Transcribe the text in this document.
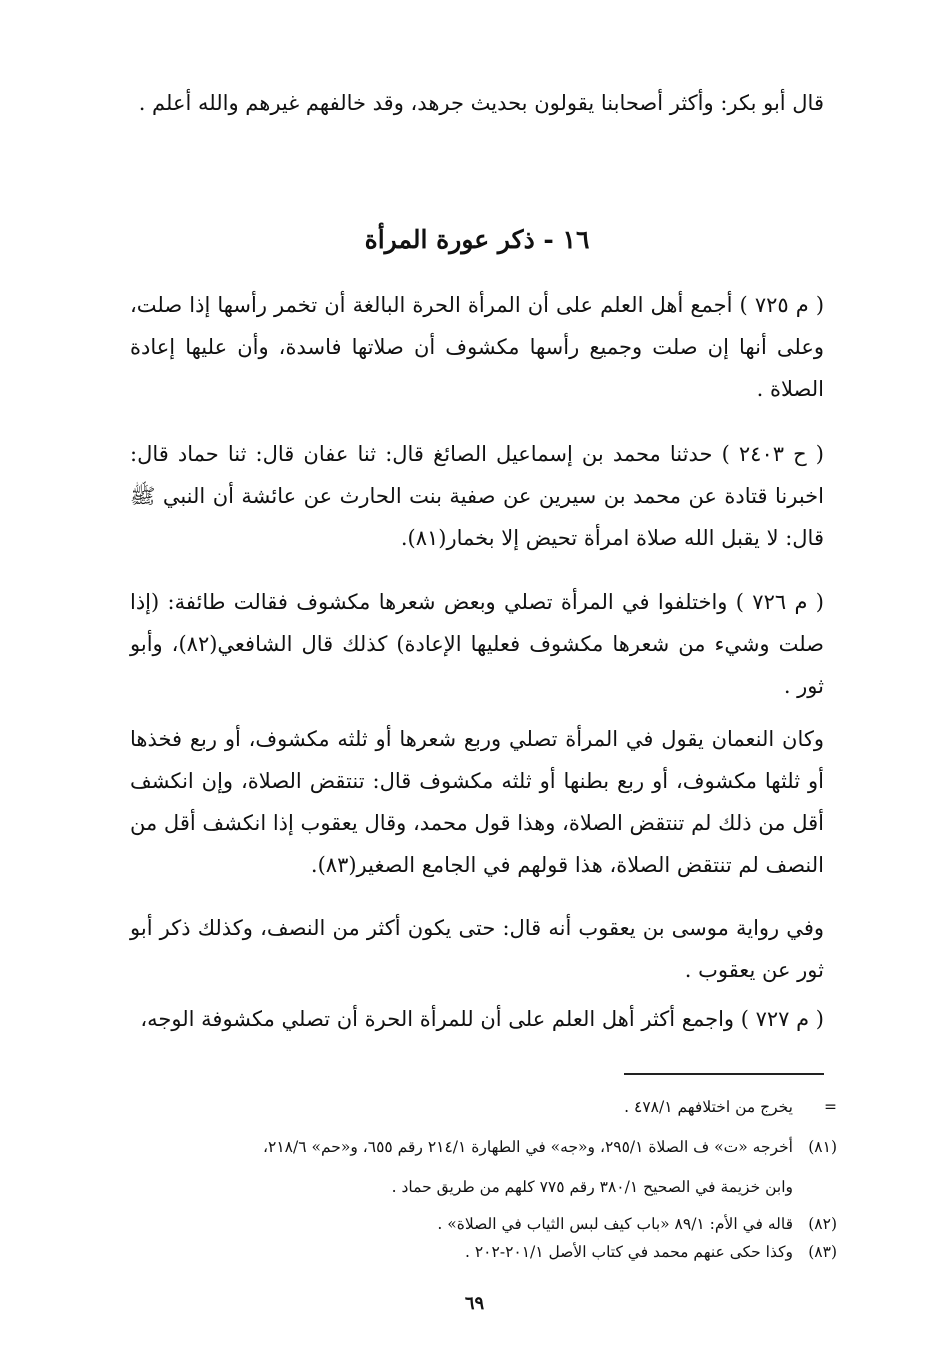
قال أبو بكر: وأكثر أصحابنا يقولون بحديث جرهد، وقد خالفهم غيرهم والله أعلم .

١٦ - ذكر عورة المرأة

( م ٧٢٥ ) أجمع أهل العلم على أن المرأة الحرة البالغة أن تخمر رأسها إذا صلت، وعلى أنها إن صلت وجميع رأسها مكشوف أن صلاتها فاسدة، وأن عليها إعادة الصلاة .

( ح ٢٤٠٣ ) حدثنا محمد بن إسماعيل الصائغ قال: ثنا عفان قال: ثنا حماد قال: اخبرنا قتادة عن محمد بن سيرين عن صفية بنت الحارث عن عائشة أن النبي ﷺ قال: لا يقبل الله صلاة امرأة تحيض إلا بخمار(٨١).

( م ٧٢٦ ) واختلفوا في المرأة تصلي وبعض شعرها مكشوف فقالت طائفة: (إذا صلت وشيء من شعرها مكشوف فعليها الإعادة) كذلك قال الشافعي(٨٢)، وأبو ثور .

وكان النعمان يقول في المرأة تصلي وربع شعرها أو ثلثه مكشوف، أو ربع فخذها أو ثلثها مكشوف، أو ربع بطنها أو ثلثه مكشوف قال: تنتقض الصلاة، وإن انكشف أقل من ذلك لم تنتقض الصلاة، وهذا قول محمد، وقال يعقوب إذا انكشف أقل من النصف لم تنتقض الصلاة، هذا قولهم في الجامع الصغير(٨٣).

وفي رواية موسى بن يعقوب أنه قال: حتى يكون أكثر من النصف، وكذلك ذكر أبو ثور عن يعقوب .

( م ٧٢٧ ) واجمع أكثر أهل العلم على أن للمرأة الحرة أن تصلي مكشوفة الوجه،

=يخرج من اختلافهم ٤٧٨/١ .
(٨١)أخرجه «ت» ف الصلاة ٢٩٥/١، و«جه» في الطهارة ٢١٤/١ رقم ٦٥٥، و«حم» ٢١٨/٦،
وابن خزيمة في الصحيح ٣٨٠/١ رقم ٧٧٥ كلهم من طريق حماد .
(٨٢)قاله في الأم: ٨٩/١ «باب كيف لبس الثياب في الصلاة» .
(٨٣)وكذا حكى عنهم محمد في كتاب الأصل ٢٠١/١-٢٠٢ .
٦٩
